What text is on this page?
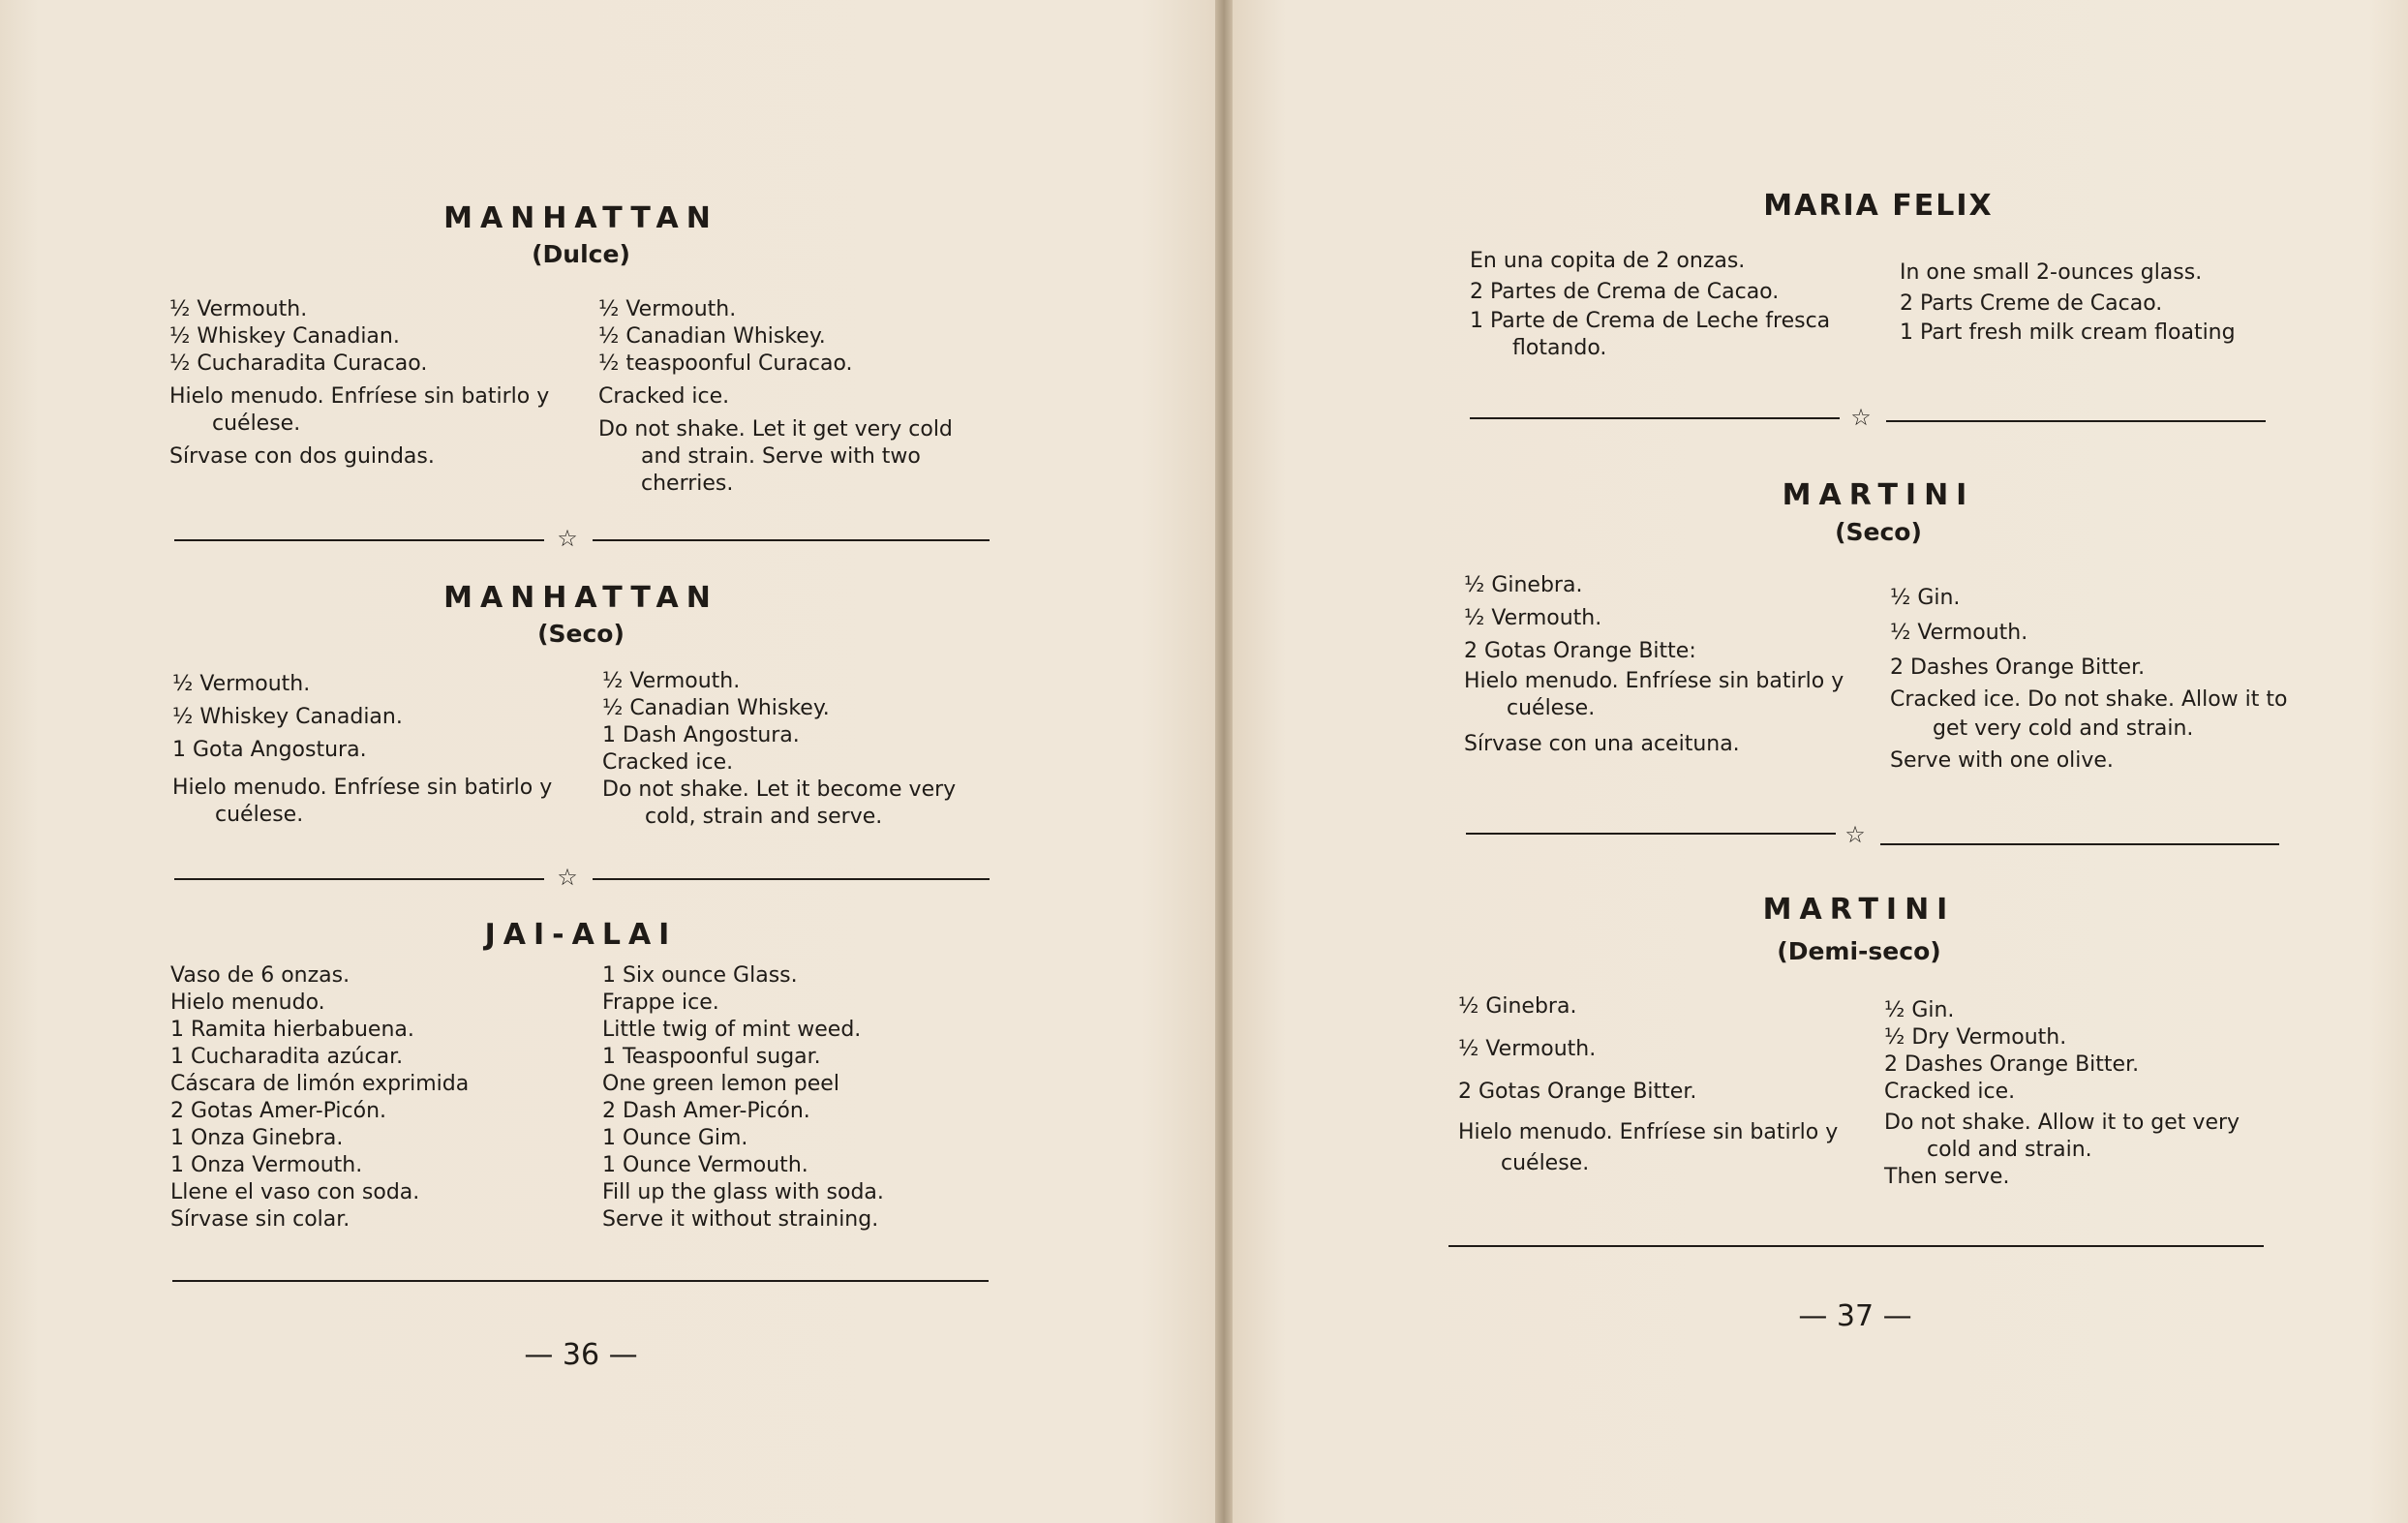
MANHATTAN
(Dulce)
½ Vermouth.
½ Whiskey Canadian.
½ Cucharadita Curacao.
Hielo menudo. Enfríese sin batirlo y cuélese.
Sírvase con dos guindas.
½ Vermouth.
½ Canadian Whiskey.
½ teaspoonful Curacao.
Cracked ice.
Do not shake. Let it get very cold and strain. Serve with two cherries.
☆
MANHATTAN
(Seco)
½ Vermouth.
½ Whiskey Canadian.
1 Gota Angostura.
Hielo menudo. Enfríese sin batirlo y cuélese.
½ Vermouth.
½ Canadian Whiskey.
1 Dash Angostura.
Cracked ice.
Do not shake. Let it become very cold, strain and serve.
☆
JAI-ALAI
Vaso de 6 onzas.
Hielo menudo.
1 Ramita hierbabuena.
1 Cucharadita azúcar.
Cáscara de limón exprimida
2 Gotas Amer-Picón.
1 Onza Ginebra.
1 Onza Vermouth.
Llene el vaso con soda.
Sírvase sin colar.
1 Six ounce Glass.
Frappe ice.
Little twig of mint weed.
1 Teaspoonful sugar.
One green lemon peel
2 Dash Amer-Picón.
1 Ounce Gim.
1 Ounce Vermouth.
Fill up the glass with soda.
Serve it without straining.
— 36 —
MARIA FELIX
En una copita de 2 onzas.
2 Partes de Crema de Cacao.
1 Parte de Crema de Leche fresca flotando.
In one small 2-ounces glass.
2 Parts Creme de Cacao.
1 Part fresh milk cream floating
☆
MARTINI
(Seco)
½ Ginebra.
½ Vermouth.
2 Gotas Orange Bitte:
Hielo menudo. Enfríese sin batirlo y cuélese.
Sírvase con una aceituna.
½ Gin.
½ Vermouth.
2 Dashes Orange Bitter.
Cracked ice. Do not shake. Allow it to get very cold and strain.
Serve with one olive.
☆
MARTINI
(Demi-seco)
½ Ginebra.
½ Vermouth.
2 Gotas Orange Bitter.
Hielo menudo. Enfríese sin batirlo y cuélese.
½ Gin.
½ Dry Vermouth.
2 Dashes Orange Bitter.
Cracked ice.
Do not shake. Allow it to get very cold and strain.
Then serve.
— 37 —
